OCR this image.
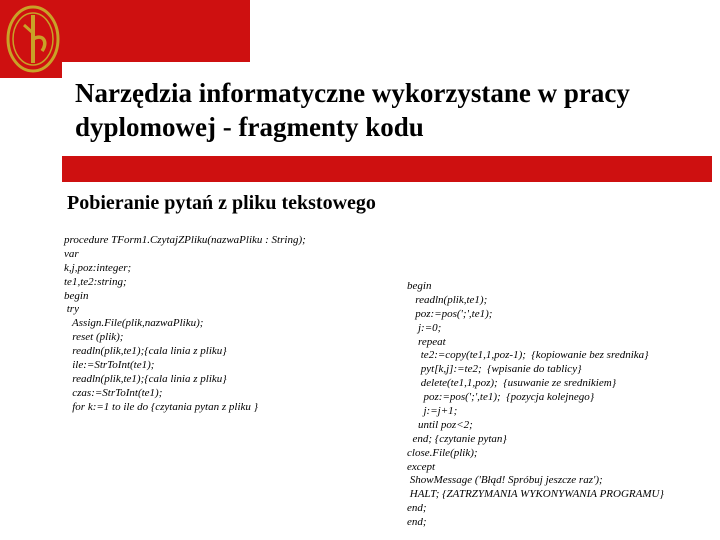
Narzędzia informatyczne wykorzystane w pracy dyplomowej - fragmenty kodu
Pobieranie pytań z pliku tekstowego
procedure TForm1.CzytajZPliku(nazwaPliku : String);
var
k,j,poz:integer;
te1,te2:string;
begin
try
Assign.File(plik,nazwaPliku);
reset (plik);
readln(plik,te1);{cala linia z pliku}
ile:=StrToInt(te1);
readln(plik,te1);{cala linia z pliku}
czas:=StrToInt(te1);
for k:=1 to ile do {czytania pytan z pliku }
begin
readln(plik,te1);
poz:=pos(';',te1);
j:=0;
repeat
te2:=copy(te1,1,poz-1);  {kopiowanie bez srednika}
pyt[k,j]:=te2;  {wpisanie do tablicy}
delete(te1,1,poz);  {usuwanie ze srednikiem}
poz:=pos(';',te1);  {pozycja kolejnego}
j:=j+1;
until poz<2;
end; {czytanie pytan}
close.File(plik);
except
ShowMessage ('Błąd! Spróbuj jeszcze raz');
HALT; {ZATRZYMANIA WYKONYWANIA PROGRAMU}
end;
end;
